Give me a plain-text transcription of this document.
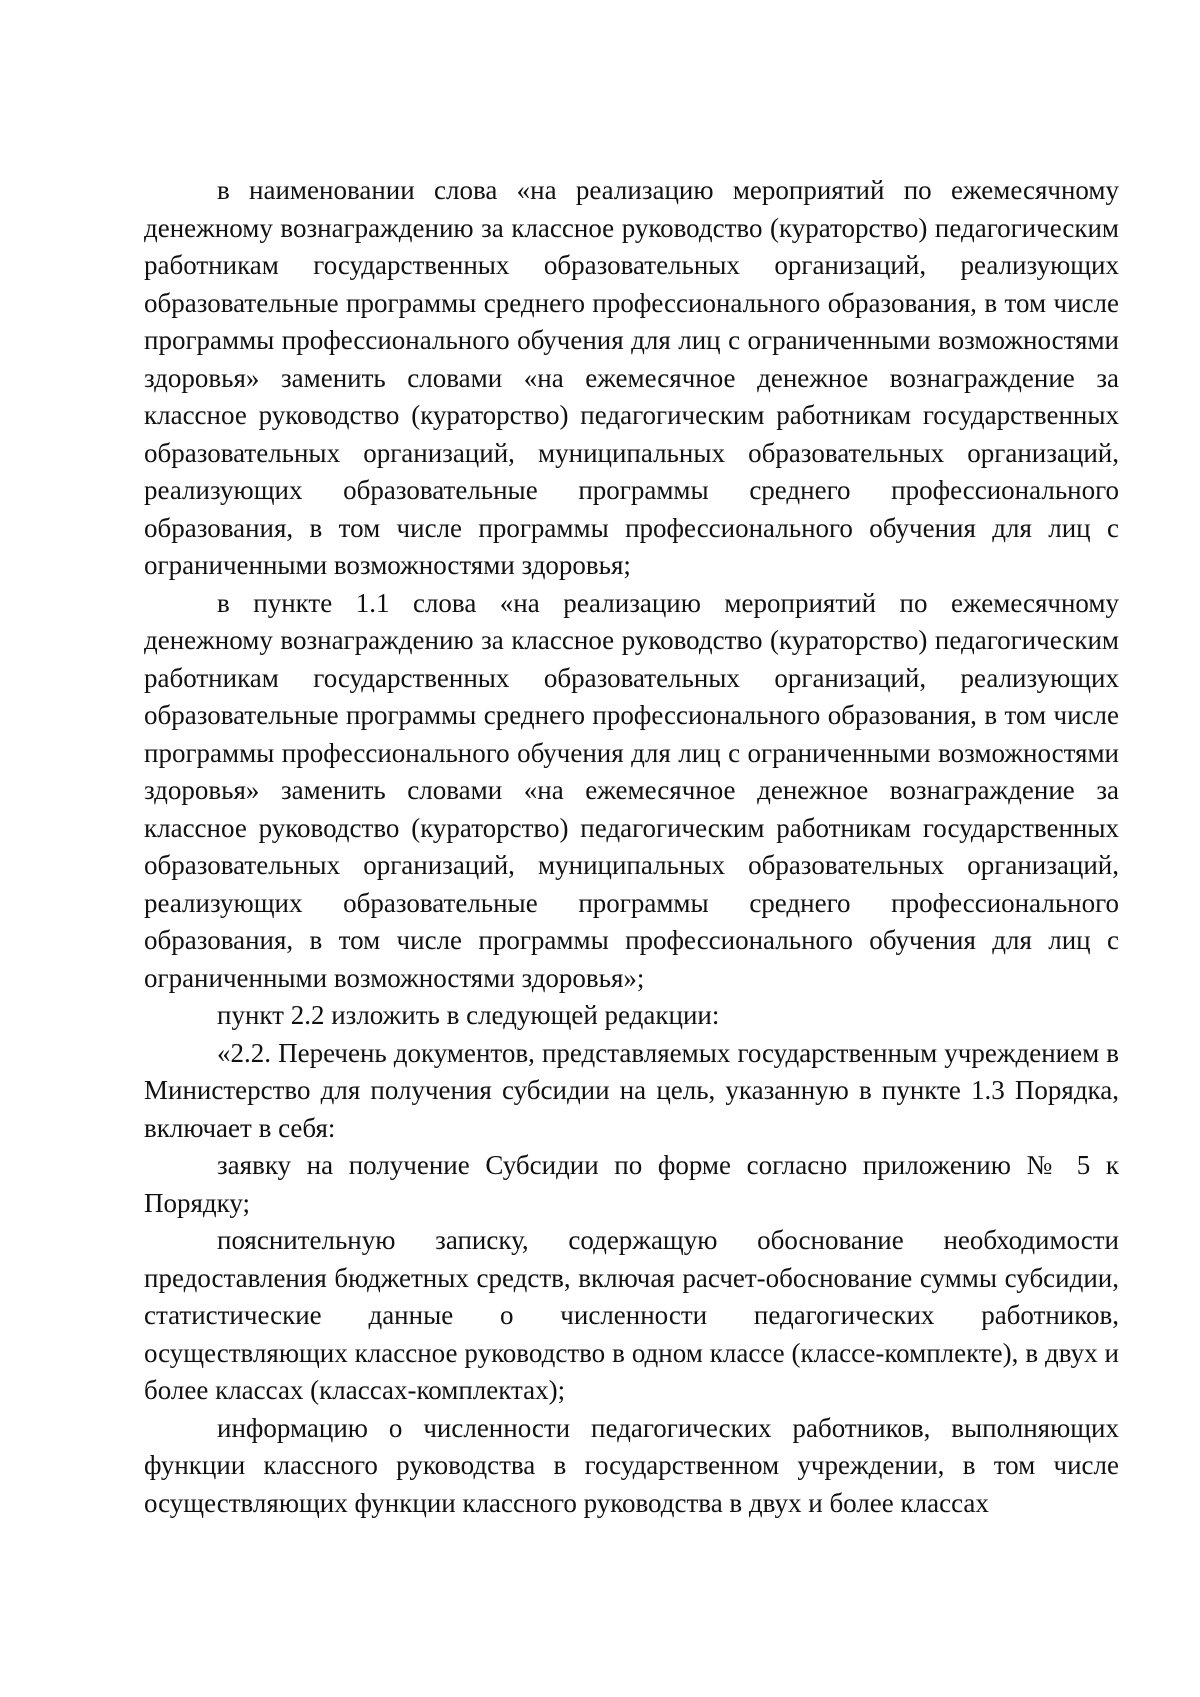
в наименовании слова «на реализацию мероприятий по ежемесячному денежному вознаграждению за классное руководство (кураторство) педагогическим работникам государственных образовательных организаций, реализующих образовательные программы среднего профессионального образования, в том числе программы профессионального обучения для лиц с ограниченными возможностями здоровья» заменить словами «на ежемесячное денежное вознаграждение за классное руководство (кураторство) педагогическим работникам государственных образовательных организаций, муниципальных образовательных организаций, реализующих образовательные программы среднего профессионального образования, в том числе программы профессионального обучения для лиц с ограниченными возможностями здоровья;

в пункте 1.1 слова «на реализацию мероприятий по ежемесячному денежному вознаграждению за классное руководство (кураторство) педагогическим работникам государственных образовательных организаций, реализующих образовательные программы среднего профессионального образования, в том числе программы профессионального обучения для лиц с ограниченными возможностями здоровья» заменить словами «на ежемесячное денежное вознаграждение за классное руководство (кураторство) педагогическим работникам государственных образовательных организаций, муниципальных образовательных организаций, реализующих образовательные программы среднего профессионального образования, в том числе программы профессионального обучения для лиц с ограниченными возможностями здоровья»;

пункт 2.2 изложить в следующей редакции:

«2.2. Перечень документов, представляемых государственным учреждением в Министерство для получения субсидии на цель, указанную в пункте 1.3 Порядка, включает в себя:

заявку на получение Субсидии по форме согласно приложению № 5 к Порядку;

пояснительную записку, содержащую обоснование необходимости предоставления бюджетных средств, включая расчет-обоснование суммы субсидии, статистические данные о численности педагогических работников, осуществляющих классное руководство в одном классе (классе-комплекте), в двух и более классах (классах-комплектах);

информацию о численности педагогических работников, выполняющих функции классного руководства в государственном учреждении, в том числе осуществляющих функции классного руководства в двух и более классах
